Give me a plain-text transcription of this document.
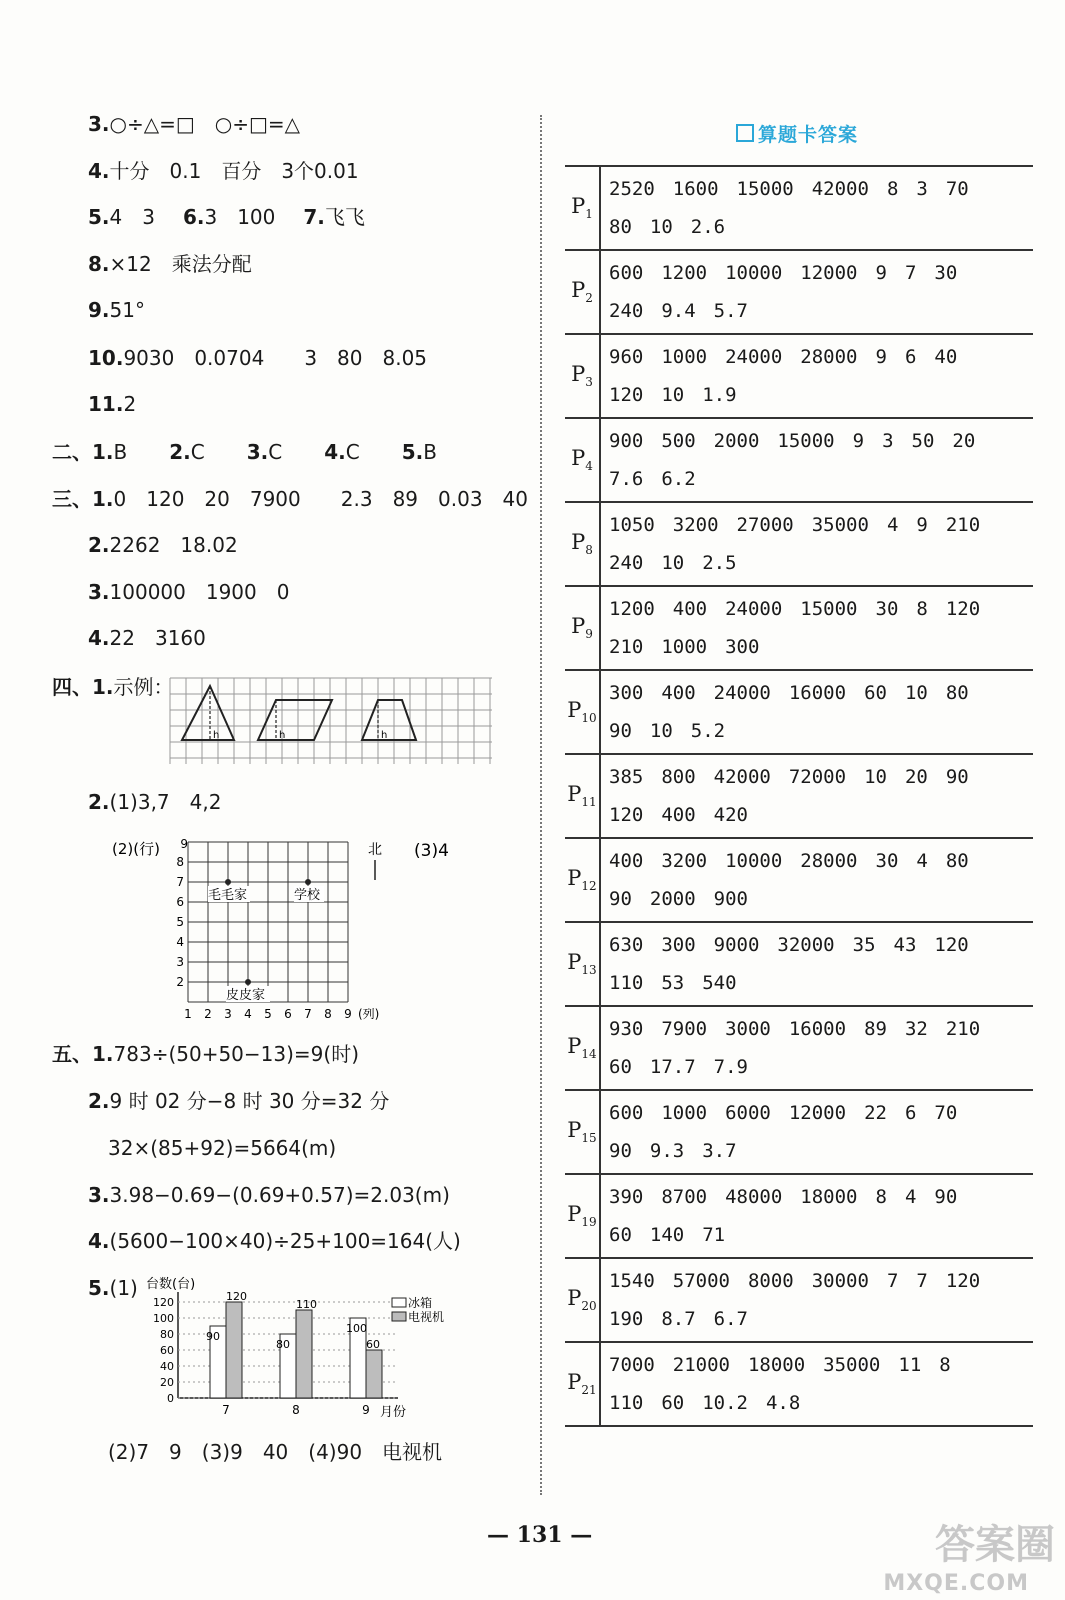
3.○÷△=□　○÷□=△
4.十分　0.1　百分　3个0.01
5.4　3 6.3　100 7.飞飞
8.×12　乘法分配
9.51°
10.9030　0.0704　　3　80　8.05
11.2
二、1.B 2.C 3.C 4.C 5.B
三、1.0　120　20　7900　　2.3　89　0.03　40
2.2262　18.02
3.100000　1900　0
4.22　3160
四、1.示例：
h	h	h
2.(1)3,7　4,2
(2)(行)
2
3
4
5
6
7
8
9
1 2 3 4 5 6 7 8 9 (列)
毛毛家	学校
皮皮家
北 (3)4
五、1.783÷(50+50−13)=9(时)
2.9 时 02 分−8 时 30 分=32 分
32×(85+92)=5664(m)
3.3.98−0.69−(0.69+0.57)=2.03(m)
4.(5600−100×40)÷25+100=164(人)
5.(1) 台数(台)
0
20
40
60
80
100
120
90
120
80
110
100
60
7	8	9 月份
冰箱
电视机
(2)7　9　(3)9　40　(4)90　电视机
算题卡答案
$P_1$	2520 1600 15000 42000 8 3 70
80 10 2.6

$P_2$	600 1200 10000 12000 9 7 30
240 9.4 5.7

$P_3$	960 1000 24000 28000 9 6 40
120 10 1.9

$P_4$	900 500 2000 15000 9 3 50 20
7.6 6.2

$P_8$	1050 3200 27000 35000 4 9 210
240 10 2.5

$P_9$	1200 400 24000 15000 30 8 120
210 1000 300

$P_{10}$	300 400 24000 16000 60 10 80
90 10 5.2

$P_{11}$	385 800 42000 72000 10 20 90
120 400 420

$P_{12}$	400 3200 10000 28000 30 4 80
90 2000 900

$P_{13}$	630 300 9000 32000 35 43 120
110 53 540

$P_{14}$	930 7900 3000 16000 89 32 210
60 17.7 7.9

$P_{15}$	600 1000 6000 12000 22 6 70
90 9.3 3.7

$P_{19}$	390 8700 48000 18000 8 4 90
60 140 71

$P_{20}$	1540 57000 8000 30000 7 7 120
190 8.7 6.7

$P_{21}$	7000 21000 18000 35000 11 8
110 60 10.2 4.8
— 131 —	答案圈
MXQE.COM
